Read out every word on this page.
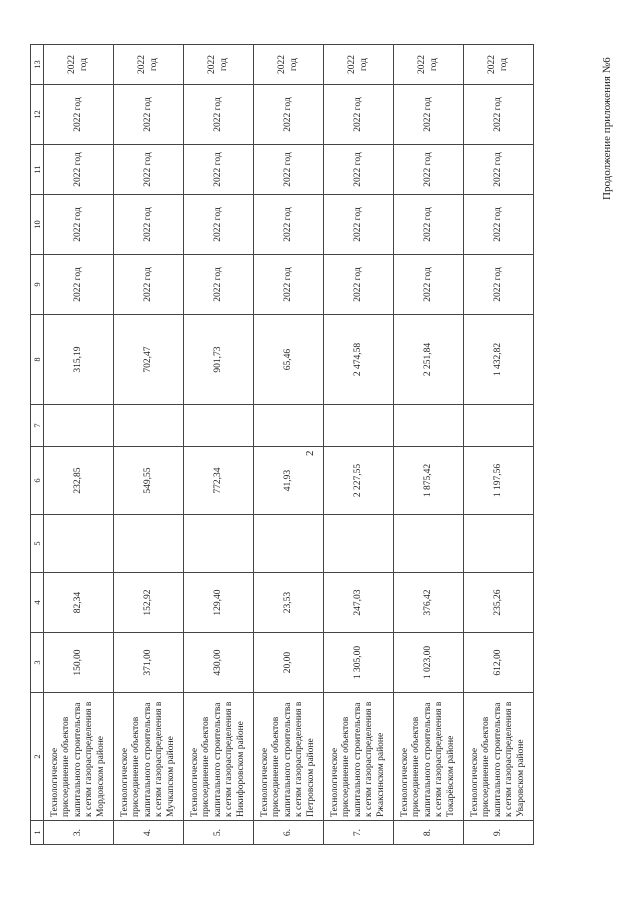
2
Продолжение приложения №6
1	2	3	4	5	6	7	8	9	10	11	12	13
3.	Технологическое присоединение объектов капитального строительства к сетям газораспределения в Мордовском районе	150,00	82,34		232,85		315,19	2022 год	2022 год	2022 год	2022 год	2022 год
4.	Технологическое присоединение объектов капитального строительства к сетям газораспределения в Мучкапском районе	371,00	152,92		549,55		702,47	2022 год	2022 год	2022 год	2022 год	2022 год
5.	Технологическое присоединение объектов капитального строительства к сетям газораспределения в Никифоровском районе	430,00	129,40		772,34		901,73	2022 год	2022 год	2022 год	2022 год	2022 год
6.	Технологическое присоединение объектов капитального строительства к сетям газораспределения в Петровском районе	20,00	23,53		41,93		65,46	2022 год	2022 год	2022 год	2022 год	2022 год
7.	Технологическое присоединение объектов капитального строительства к сетям газораспределения в Ржаксинском районе	1 305,00	247,03		2 227,55		2 474,58	2022 год	2022 год	2022 год	2022 год	2022 год
8.	Технологическое присоединение объектов капитального строительства к сетям газораспределения в Токарёвском районе	1 023,00	376,42		1 875,42		2 251,84	2022 год	2022 год	2022 год	2022 год	2022 год
9.	Технологическое присоединение объектов капитального строительства к сетям газораспределения в Уваровском районе	612,00	235,26		1 197,56		1 432,82	2022 год	2022 год	2022 год	2022 год	2022 год
